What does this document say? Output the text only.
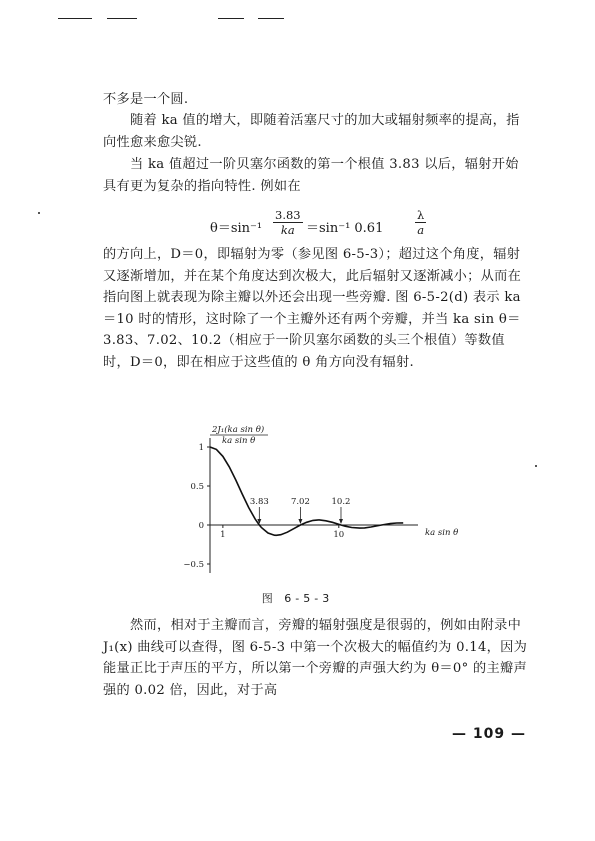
不多是一个圆.

随着 ka 值的增大，即随着活塞尺寸的加大或辐射频率的提高，指向性愈来愈尖锐.

当 ka 值超过一阶贝塞尔函数的第一个根值 3.83 以后，辐射开始具有更为复杂的指向特性. 例如在

$\theta=\sin^{-1} \frac{3.83}{ka} =\sin^{-1}$ 0.61	$\frac{\lambda}{a}$

的方向上，D＝0，即辐射为零（参见图 6-5-3）；超过这个角度，辐射又逐渐增加，并在某个角度达到次极大，此后辐射又逐渐减小；从而在指向图上就表现为除主瓣以外还会出现一些旁瓣. 图 6-5-2(d) 表示 ka＝10 时的情形，这时除了一个主瓣外还有两个旁瓣，并当 ka sin θ＝3.83、7.02、10.2（相应于一阶贝塞尔函数的头三个根值）等数值时，D＝0，即在相应于这些值的 θ 角方向没有辐射.

2J₁(ka sin θ)
ka sin θ
1
0.5
0
−0.5
1	10
3.83	7.02	10.2
ka sin θ
图 6-5-3

然而，相对于主瓣而言，旁瓣的辐射强度是很弱的，例如由附录中 J₁(x) 曲线可以查得，图 6-5-3 中第一个次极大的幅值约为 0.14，因为能量正比于声压的平方，所以第一个旁瓣的声强大约为 θ＝0° 的主瓣声强的 0.02 倍，因此，对于高

— 109 —
